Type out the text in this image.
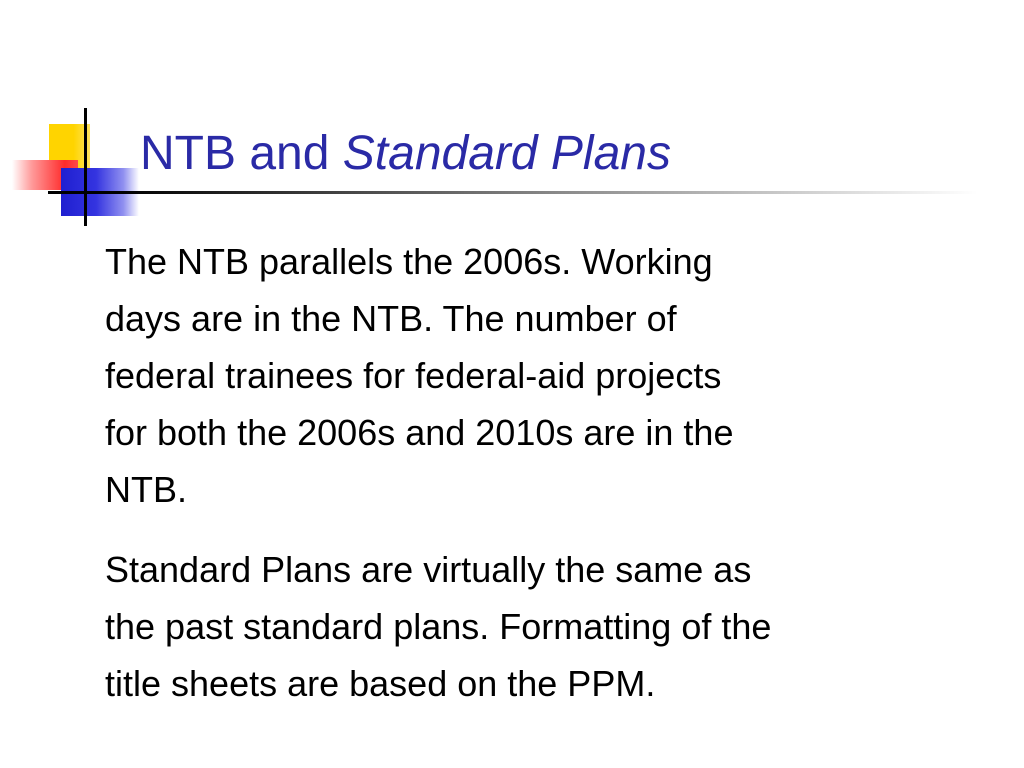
NTB and Standard Plans

The NTB parallels the 2006s. Working
days are in the NTB. The number of
federal trainees for federal-aid projects
for both the 2006s and 2010s are in the
NTB.

Standard Plans are virtually the same as
the past standard plans. Formatting of the
title sheets are based on the PPM.
